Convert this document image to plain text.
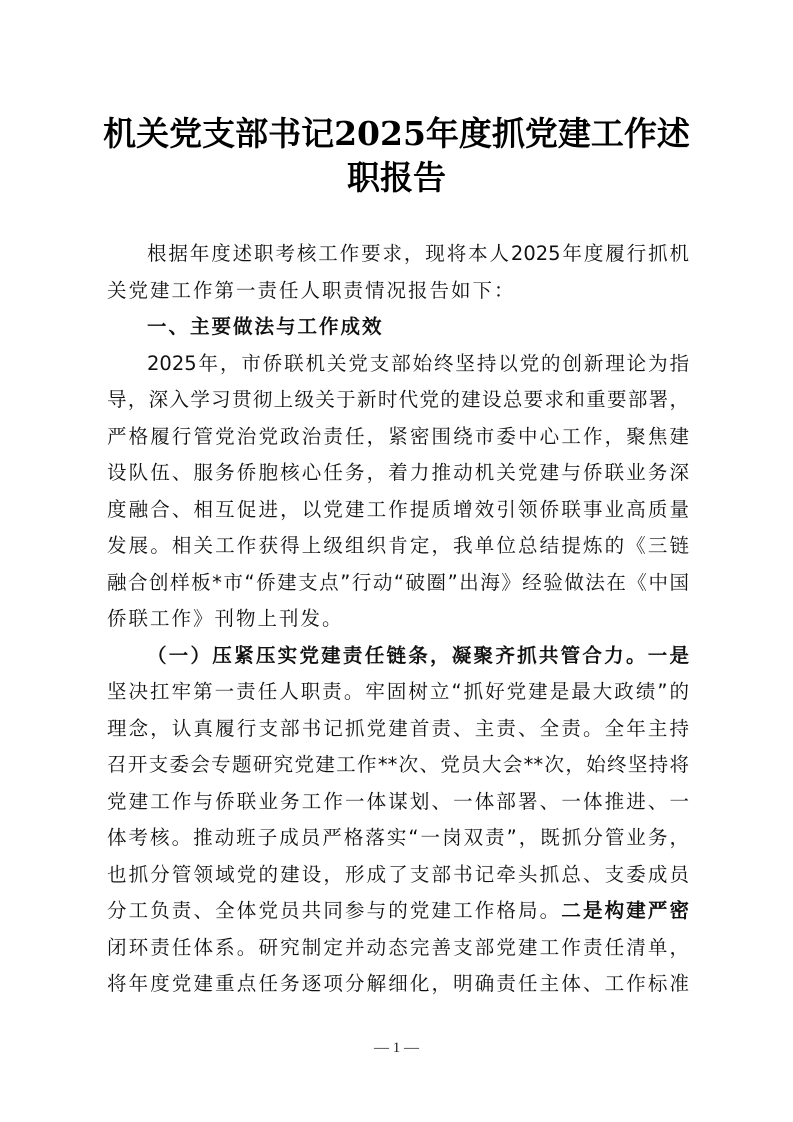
机关党支部书记2025年度抓党建工作述
职报告
根据年度述职考核工作要求，现将本人2025年度履行抓机
关党建工作第一责任人职责情况报告如下：
一、主要做法与工作成效
2025年，市侨联机关党支部始终坚持以党的创新理论为指
导，深入学习贯彻上级关于新时代党的建设总要求和重要部署，
严格履行管党治党政治责任，紧密围绕市委中心工作，聚焦建
设队伍、服务侨胞核心任务，着力推动机关党建与侨联业务深
度融合、相互促进，以党建工作提质增效引领侨联事业高质量
发展。相关工作获得上级组织肯定，我单位总结提炼的《三链
融合创样板*市“侨建支点”行动“破圈”出海》经验做法在《中国
侨联工作》刊物上刊发。
（一）压紧压实党建责任链条，凝聚齐抓共管合力。一是
坚决扛牢第一责任人职责。牢固树立“抓好党建是最大政绩”的
理念，认真履行支部书记抓党建首责、主责、全责。全年主持
召开支委会专题研究党建工作**次、党员大会**次，始终坚持将
党建工作与侨联业务工作一体谋划、一体部署、一体推进、一
体考核。推动班子成员严格落实“一岗双责”，既抓分管业务，
也抓分管领域党的建设，形成了支部书记牵头抓总、支委成员
分工负责、全体党员共同参与的党建工作格局。二是构建严密
闭环责任体系。研究制定并动态完善支部党建工作责任清单，
将年度党建重点任务逐项分解细化，明确责任主体、工作标准
— 1 —
